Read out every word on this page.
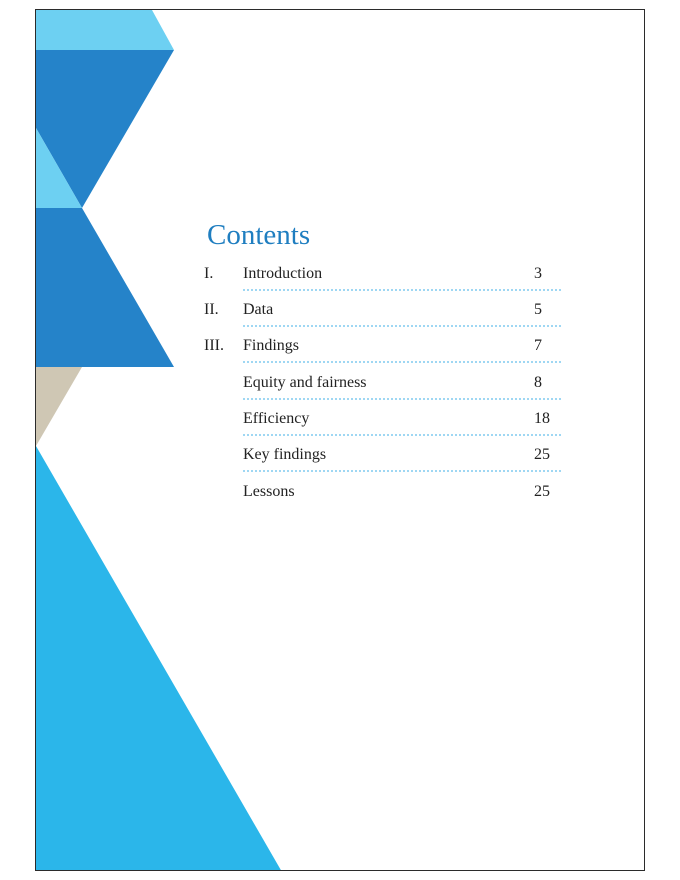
Contents
I. Introduction	3
II. Data	5
III. Findings	7
Equity and fairness	8
Efficiency	18
Key findings	25
Lessons	25
